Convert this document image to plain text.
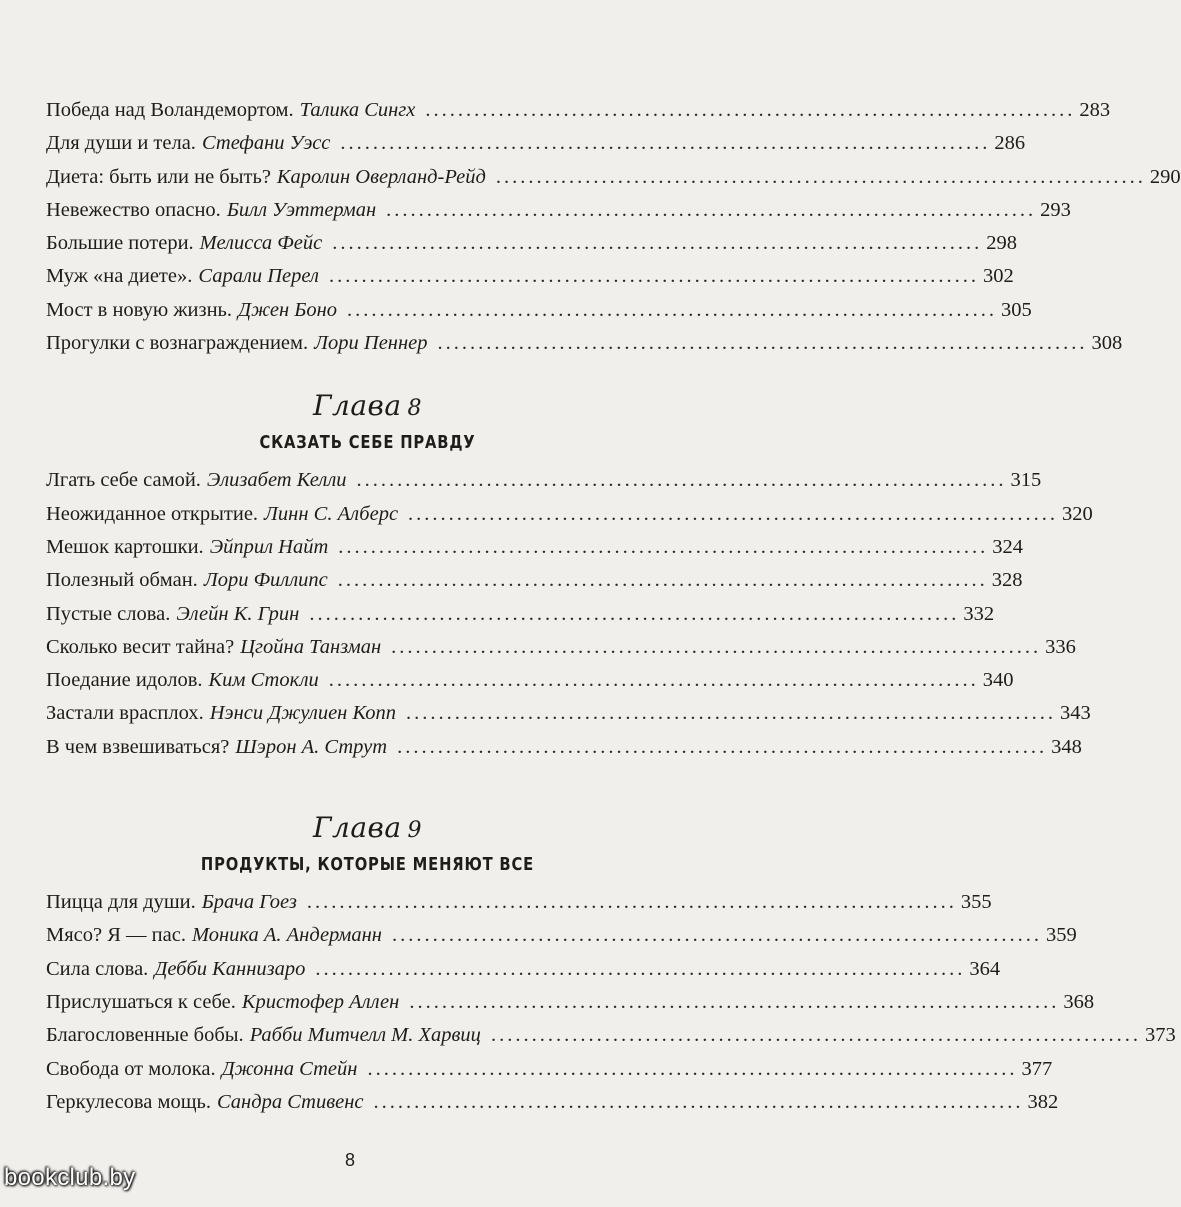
Победа над Воландемортом. Талика Сингх ................................................................................ 283
Для души и тела. Стефани Уэсс ................................................................................ 286
Диета: быть или не быть? Каролин Оверланд-Рейд ................................................................................ 290
Невежество опасно. Билл Уэттерман ................................................................................ 293
Большие потери. Мелисса Фейс ................................................................................ 298
Муж «на диете». Сарали Перел ................................................................................ 302
Мост в новую жизнь. Джен Боно ................................................................................ 305
Прогулки с вознаграждением. Лори Пеннер ................................................................................ 308
Глава 8
СКАЗАТЬ СЕБЕ ПРАВДУ
Лгать себе самой. Элизабет Келли ................................................................................ 315
Неожиданное открытие. Линн С. Алберс ................................................................................ 320
Мешок картошки. Эйприл Найт ................................................................................ 324
Полезный обман. Лори Филлипс ................................................................................ 328
Пустые слова. Элейн К. Грин ................................................................................ 332
Сколько весит тайна? Цгойна Танзман ................................................................................ 336
Поедание идолов. Ким Стокли ................................................................................ 340
Застали врасплох. Нэнси Джулиен Копп ................................................................................ 343
В чем взвешиваться? Шэрон А. Струт ................................................................................ 348
Глава 9
ПРОДУКТЫ, КОТОРЫЕ МЕНЯЮТ ВСЕ
Пицца для души. Брача Гоез ................................................................................ 355
Мясо? Я — пас. Моника А. Андерманн ................................................................................ 359
Сила слова. Дебби Каннизаро ................................................................................ 364
Прислушаться к себе. Кристофер Аллен ................................................................................ 368
Благословенные бобы. Рабби Митчелл М. Харвиц ................................................................................ 373
Свобода от молока. Джонна Стейн ................................................................................ 377
Геркулесова мощь. Сандра Стивенс ................................................................................ 382
8
bookclub.by
